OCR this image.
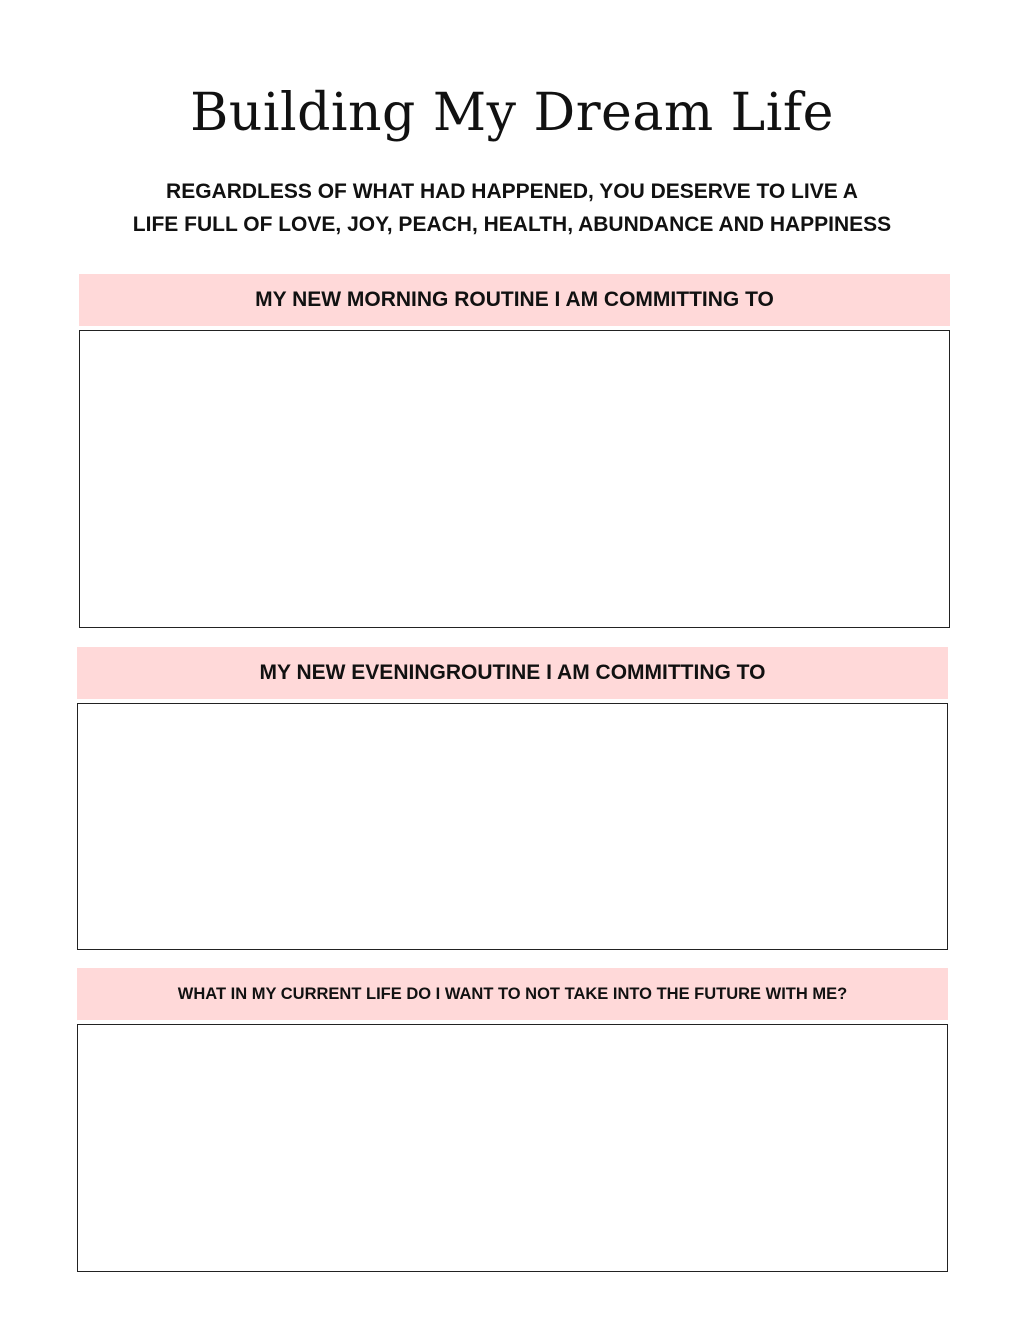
Building My Dream Life
REGARDLESS OF WHAT HAD HAPPENED, YOU DESERVE TO LIVE A
LIFE FULL OF LOVE, JOY, PEACH, HEALTH, ABUNDANCE AND HAPPINESS
MY NEW MORNING ROUTINE I AM COMMITTING TO
MY NEW EVENINGROUTINE I AM COMMITTING TO
WHAT IN MY CURRENT LIFE DO I WANT TO NOT TAKE INTO THE FUTURE WITH ME?
